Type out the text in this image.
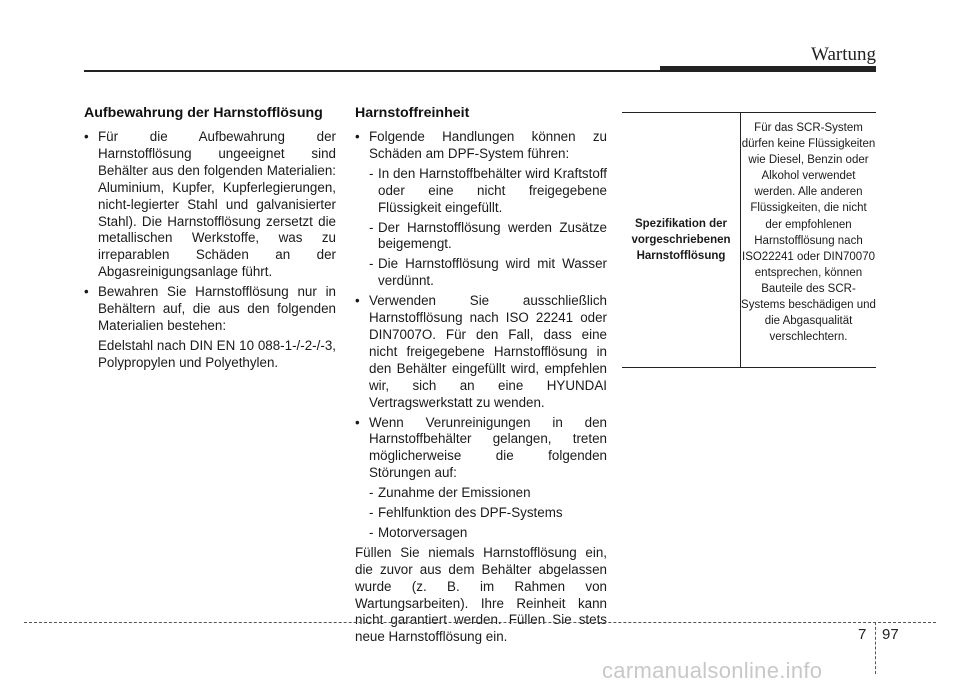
Wartung
Aufbewahrung der Harnstofflösung
• Für die Aufbewahrung der Harnstofflösung ungeeignet sind Behälter aus den folgenden Materialien: Aluminium, Kupfer, Kupferlegierungen, nicht-legierter Stahl und galvanisierter Stahl). Die Harnstofflösung zersetzt die metallischen Werkstoffe, was zu irreparablen Schäden an der Abgasreinigungsanlage führt.
• Bewahren Sie Harnstofflösung nur in Behältern auf, die aus den folgenden Materialien bestehen:
Edelstahl nach DIN EN 10 088-1-/-2-/-3, Polypropylen und Polyethylen.
Harnstoffreinheit
• Folgende Handlungen können zu Schäden am DPF-System führen:
- In den Harnstoffbehälter wird Kraftstoff oder eine nicht freigegebene Flüssigkeit eingefüllt.
- Der Harnstofflösung werden Zusätze beigemengt.
- Die Harnstofflösung wird mit Wasser verdünnt.
• Verwenden Sie ausschließlich Harnstofflösung nach ISO 22241 oder DIN7007O. Für den Fall, dass eine nicht freigegebene Harnstofflösung in den Behälter eingefüllt wird, empfehlen wir, sich an eine HYUNDAI Vertragswerkstatt zu wenden.
• Wenn Verunreinigungen in den Harnstoffbehälter gelangen, treten möglicherweise die folgenden Störungen auf:
- Zunahme der Emissionen
- Fehlfunktion des DPF-Systems
- Motorversagen

Füllen Sie niemals Harnstofflösung ein, die zuvor aus dem Behälter abgelassen wurde (z. B. im Rahmen von Wartungsarbeiten). Ihre Reinheit kann nicht garantiert werden. Füllen Sie stets neue Harnstofflösung ein.

Spezifikation der vorgeschriebenen Harnstofflösung
Für das SCR-System dürfen keine Flüssigkeiten wie Diesel, Benzin oder Alkohol verwendet werden. Alle anderen Flüssigkeiten, die nicht der empfohlenen Harnstofflösung nach ISO22241 oder DIN70070 entsprechen, können Bauteile des SCR-Systems beschädigen und die Abgasqualität verschlechtern.
7 97
carmanualsonline.info
